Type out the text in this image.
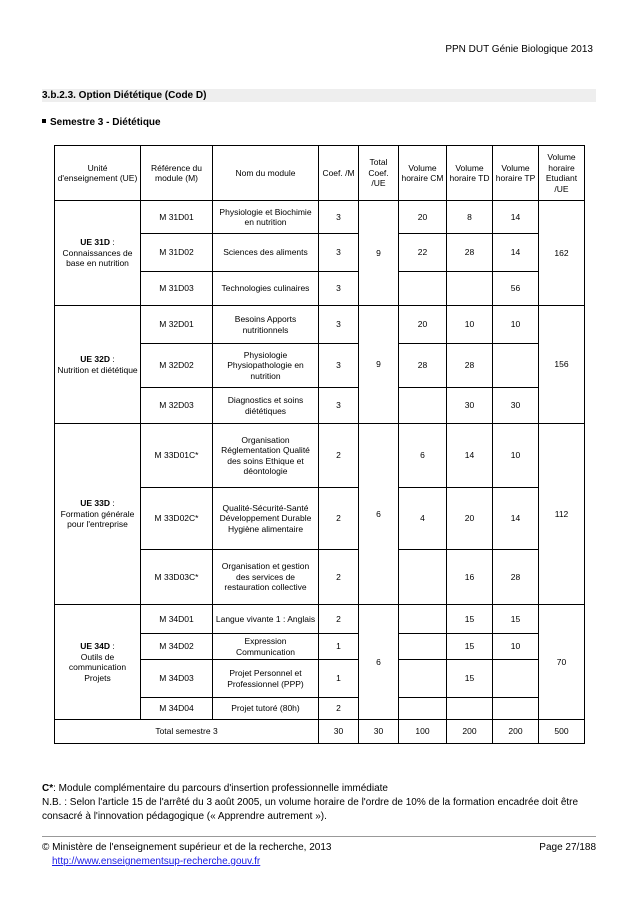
PPN DUT Génie Biologique 2013
3.b.2.3. Option Diététique (Code D)
Semestre 3 - Diététique
Unité d'enseignement (UE)	Référence du module (M)	Nom du module	Coef. /M	Total Coef. /UE	Volume horaire CM	Volume horaire TD	Volume horaire TP	Volume horaire Etudiant /UE
UE 31D :
Connaissances de base en nutrition	M 31D01	Physiologie et Biochimie en nutrition	3	9	20	8	14	162
	M 31D02	Sciences des aliments	3		22	28	14	
	M 31D03	Technologies culinaires	3				56	
UE 32D :
Nutrition et diététique	M 32D01	Besoins Apports nutritionnels	3	9	20	10	10	156
	M 32D02	Physiologie Physiopathologie en nutrition	3		28	28		
	M 32D03	Diagnostics et soins diététiques	3			30	30	
UE 33D :
Formation générale pour l'entreprise	M 33D01C*	Organisation Réglementation Qualité des soins Ethique et déontologie	2	6	6	14	10	112
	M 33D02C*	Qualité-Sécurité-Santé Développement Durable Hygiène alimentaire	2		4	20	14	
	M 33D03C*	Organisation et gestion des services de restauration collective	2			16	28	
UE 34D :
Outils de communication Projets	M 34D01	Langue vivante 1 : Anglais	2	6		15	15	70
	M 34D02	Expression Communication	1			15	10	
	M 34D03	Projet Personnel et Professionnel (PPP)	1			15		
	M 34D04	Projet tutoré (80h)	2					
Total semestre 3			30	30	100	200	200	500
C*: Module complémentaire du parcours d'insertion professionnelle immédiate
N.B. : Selon l'article 15 de l'arrêté du 3 août 2005, un volume horaire de l'ordre de 10% de la formation encadrée doit être consacré à l'innovation pédagogique (« Apprendre autrement »).
© Ministère de l'enseignement supérieur et de la recherche, 2013	Page 27/188
http://www.enseignementsup-recherche.gouv.fr
